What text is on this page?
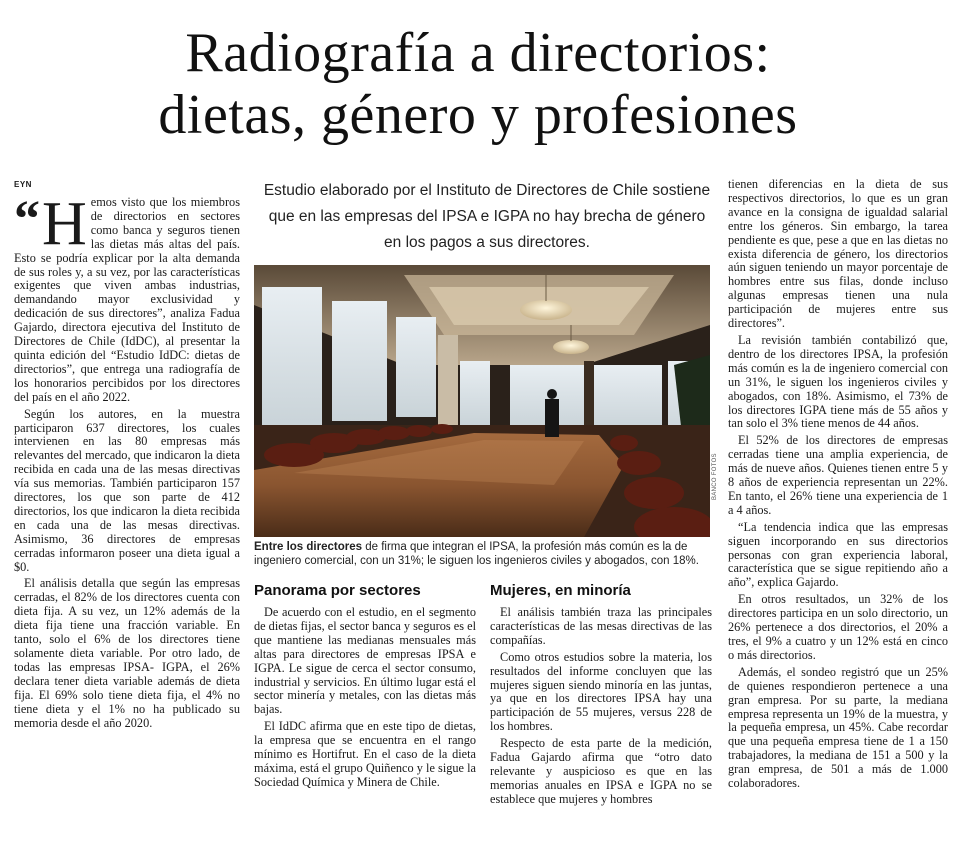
Radiografía a directorios:
dietas, género y profesiones
EYN
“ H emos visto que los miembros de directorios en sectores como banca y seguros tienen las dietas más altas del país. Esto se podría explicar por la alta demanda de sus roles y, a su vez, por las características exigentes que viven ambas industrias, demandando mayor exclusividad y dedicación de sus directores”, analiza Fadua Gajardo, directora ejecutiva del Instituto de Directores de Chile (IdDC), al presentar la quinta edición del “Estudio IdDC: dietas de directorios”, que entrega una radiografía de los honorarios percibidos por los directores del país en el año 2022.

Según los autores, en la muestra participaron 637 directores, los cuales intervienen en las 80 empresas más relevantes del mercado, que indicaron la dieta recibida en cada una de las mesas directivas vía sus memorias. También participaron 157 directores, los que son parte de 412 directorios, los que indicaron la dieta recibida en cada una de las mesas directivas. Asimismo, 36 directores de empresas cerradas informaron poseer una dieta igual a $0.

El análisis detalla que según las empresas cerradas, el 82% de los directores cuenta con dieta fija. A su vez, un 12% además de la dieta fija tiene una fracción variable. En tanto, solo el 6% de los directores tiene solamente dieta variable. Por otro lado, de todas las empresas IPSA- IGPA, el 26% declara tener dieta variable además de dieta fija. El 69% solo tiene dieta fija, el 4% no tiene dieta y el 1% no ha publicado su memoria desde el año 2020.

Estudio elaborado por el Instituto de Directores de Chile sostiene que en las empresas del IPSA e IGPA no hay brecha de género en los pagos a sus directores.
BANCO FOTOS
Entre los directores de firma que integran el IPSA, la profesión más común es la de ingeniero comercial, con un 31%; le siguen los ingenieros civiles y abogados, con 18%.
Panorama por sectores

De acuerdo con el estudio, en el segmento de dietas fijas, el sector banca y seguros es el que mantiene las medianas mensuales más altas para directores de empresas IPSA e IGPA. Le sigue de cerca el sector consumo, industrial y servicios. En último lugar está el sector minería y metales, con las dietas más bajas.

El IdDC afirma que en este tipo de dietas, la empresa que se encuentra en el rango mínimo es Hortifrut. En el caso de la dieta máxima, está el grupo Quiñenco y le sigue la Sociedad Química y Minera de Chile.

Mujeres, en minoría

El análisis también traza las principales características de las mesas directivas de las compañías.

Como otros estudios sobre la materia, los resultados del informe concluyen que las mujeres siguen siendo minoría en las juntas, ya que en los directores IPSA hay una participación de 55 mujeres, versus 228 de los hombres.

Respecto de esta parte de la medición, Fadua Gajardo afirma que “otro dato relevante y auspicioso es que en las memorias anuales en IPSA e IGPA no se establece que mujeres y hombres

tienen diferencias en la dieta de sus respectivos directorios, lo que es un gran avance en la consigna de igualdad salarial entre los géneros. Sin embargo, la tarea pendiente es que, pese a que en las dietas no exista diferencia de género, los directorios aún siguen teniendo un mayor porcentaje de hombres entre sus filas, donde incluso algunas empresas tienen una nula participación de mujeres entre sus directores”.

La revisión también contabilizó que, dentro de los directores IPSA, la profesión más común es la de ingeniero comercial con un 31%, le siguen los ingenieros civiles y abogados, con 18%. Asimismo, el 73% de los directores IGPA tiene más de 55 años y tan solo el 3% tiene menos de 44 años.

El 52% de los directores de empresas cerradas tiene una amplia experiencia, de más de nueve años. Quienes tienen entre 5 y 8 años de experiencia representan un 22%. En tanto, el 26% tiene una experiencia de 1 a 4 años.

“La tendencia indica que las empresas siguen incorporando en sus directorios personas con gran experiencia laboral, característica que se sigue repitiendo año a año”, explica Gajardo.

En otros resultados, un 32% de los directores participa en un solo directorio, un 26% pertenece a dos directorios, el 20% a tres, el 9% a cuatro y un 12% está en cinco o más directorios.

Además, el sondeo registró que un 25% de quienes respondieron pertenece a una gran empresa. Por su parte, la mediana empresa representa un 19% de la muestra, y la pequeña empresa, un 45%. Cabe recordar que una pequeña empresa tiene de 1 a 150 trabajadores, la mediana de 151 a 500 y la gran empresa, de 501 a más de 1.000 colaboradores.
